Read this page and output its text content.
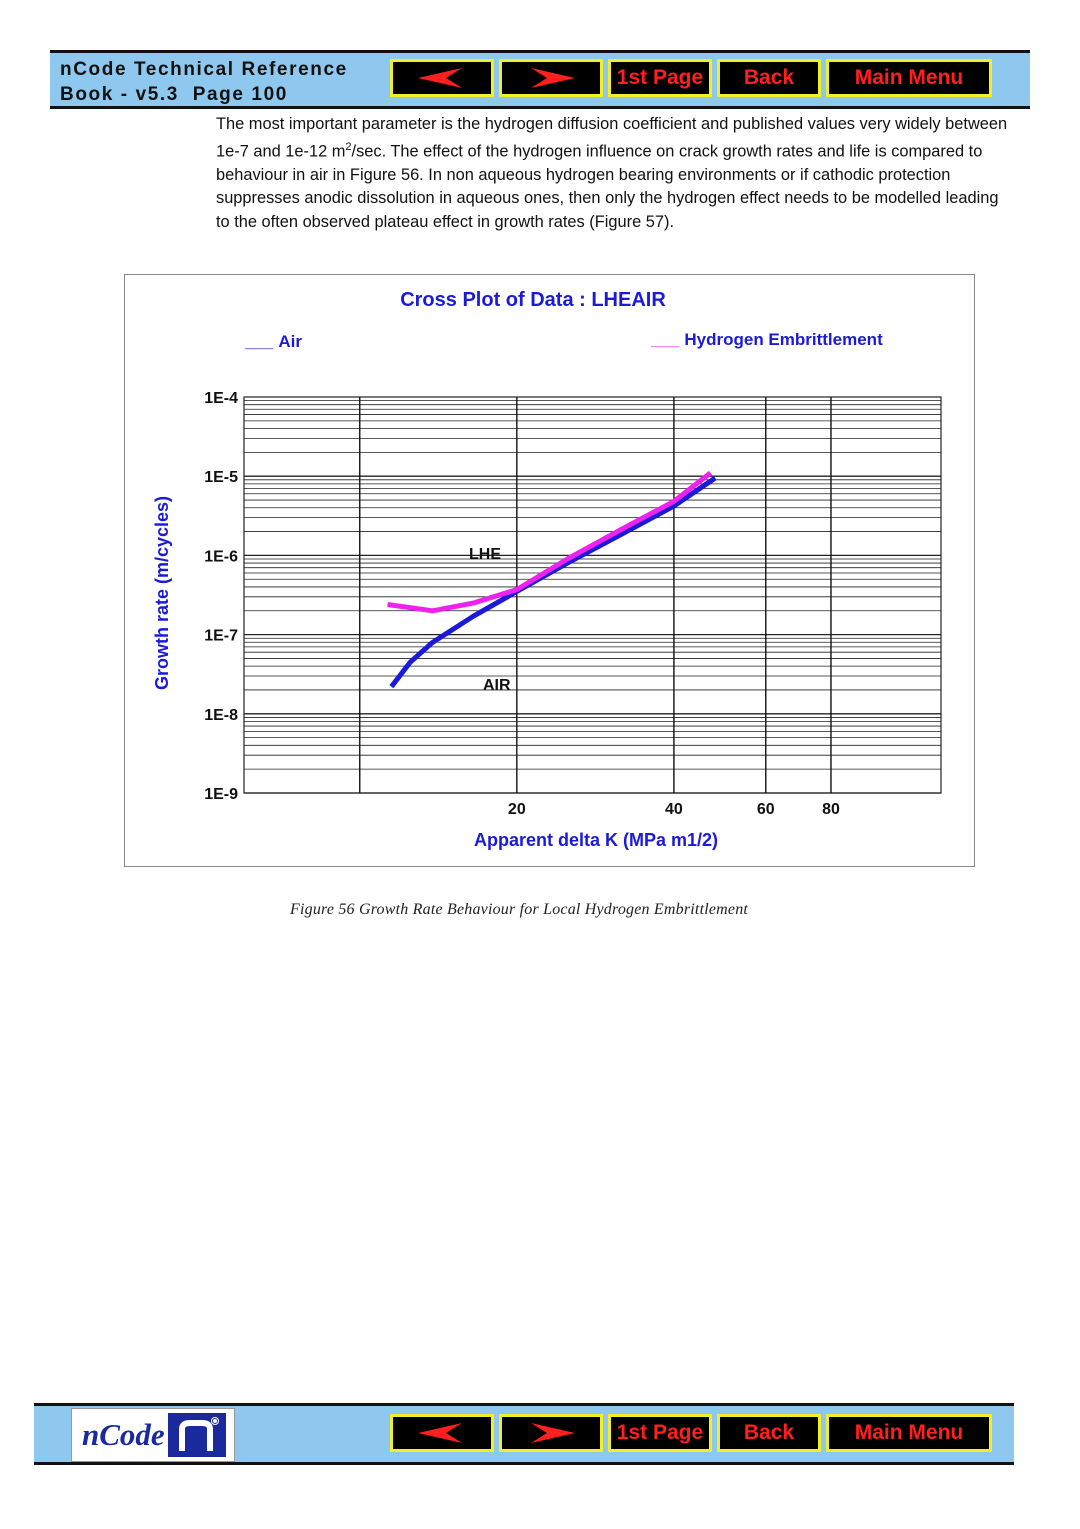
nCode Technical Reference
Book - v5.3  Page 100
1st Page	Back	Main Menu
The most important parameter is the hydrogen diffusion coefficient and published values very widely between 1e-7 and 1e-12 $m^2/\sec$. The effect of the hydrogen influence on crack growth rates and life is compared to behaviour in air in Figure 56. In non aqueous hydrogen bearing environments or if cathodic protection suppresses anodic dissolution in aqueous ones, then only the hydrogen effect needs to be modelled leading to the often observed plateau effect in growth rates (Figure 57).
Cross Plot of Data : LHEAIR
___ Air	___ Hydrogen Embrittlement
1E-4
1E-5
1E-6
1E-7
1E-8
1E-9
20	40	60	80
LHE
AIR
Apparent delta K (MPa m1/2)
Growth rate (m/cycles)
Figure 56 Growth Rate Behaviour for Local Hydrogen Embrittlement
nCode	1st Page	Back	Main Menu
